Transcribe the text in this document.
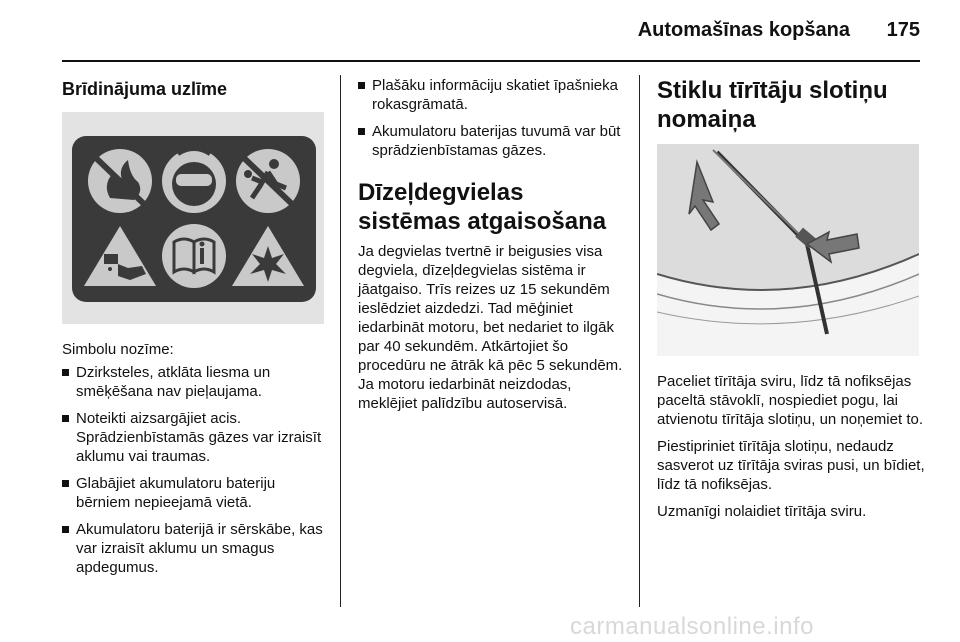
Automašīnas kopšana 175
Brīdinājuma uzlīme

Simbolu nozīme:

Dzirksteles, atklāta liesma un smēķēšana nav pieļaujama.
Noteikti aizsargājiet acis. Sprādzienbīstamās gāzes var izraisīt aklumu vai traumas.
Glabājiet akumulatoru bateriju bērniem nepieejamā vietā.
Akumulatoru baterijā ir sērskābe, kas var izraisīt aklumu un smagus apdegumus.
Plašāku informāciju skatiet īpašnieka rokasgrāmatā.
Akumulatoru baterijas tuvumā var būt sprādzienbīstamas gāzes.
Dīzeļdegvielas sistēmas atgaisošana

Ja degvielas tvertnē ir beigusies visa degviela, dīzeļdegvielas sistēma ir jāatgaiso. Trīs reizes uz 15 sekundēm ieslēdziet aizdedzi. Tad mēģiniet iedarbināt motoru, bet nedariet to ilgāk par 40 sekundēm. Atkārtojiet šo procedūru ne ātrāk kā pēc 5 sekundēm. Ja motoru iedarbināt neizdodas, meklējiet palīdzību autoservisā.

Stiklu tīrītāju slotiņu nomaiņa

Paceliet tīrītāja sviru, līdz tā nofiksējas paceltā stāvoklī, nospiediet pogu, lai atvienotu tīrītāja slotiņu, un noņemiet to.

Piestipriniet tīrītāja slotiņu, nedaudz sasverot uz tīrītāja sviras pusi, un bīdiet, līdz tā nofiksējas.

Uzmanīgi nolaidiet tīrītāja sviru.

carmanualsonline.info
